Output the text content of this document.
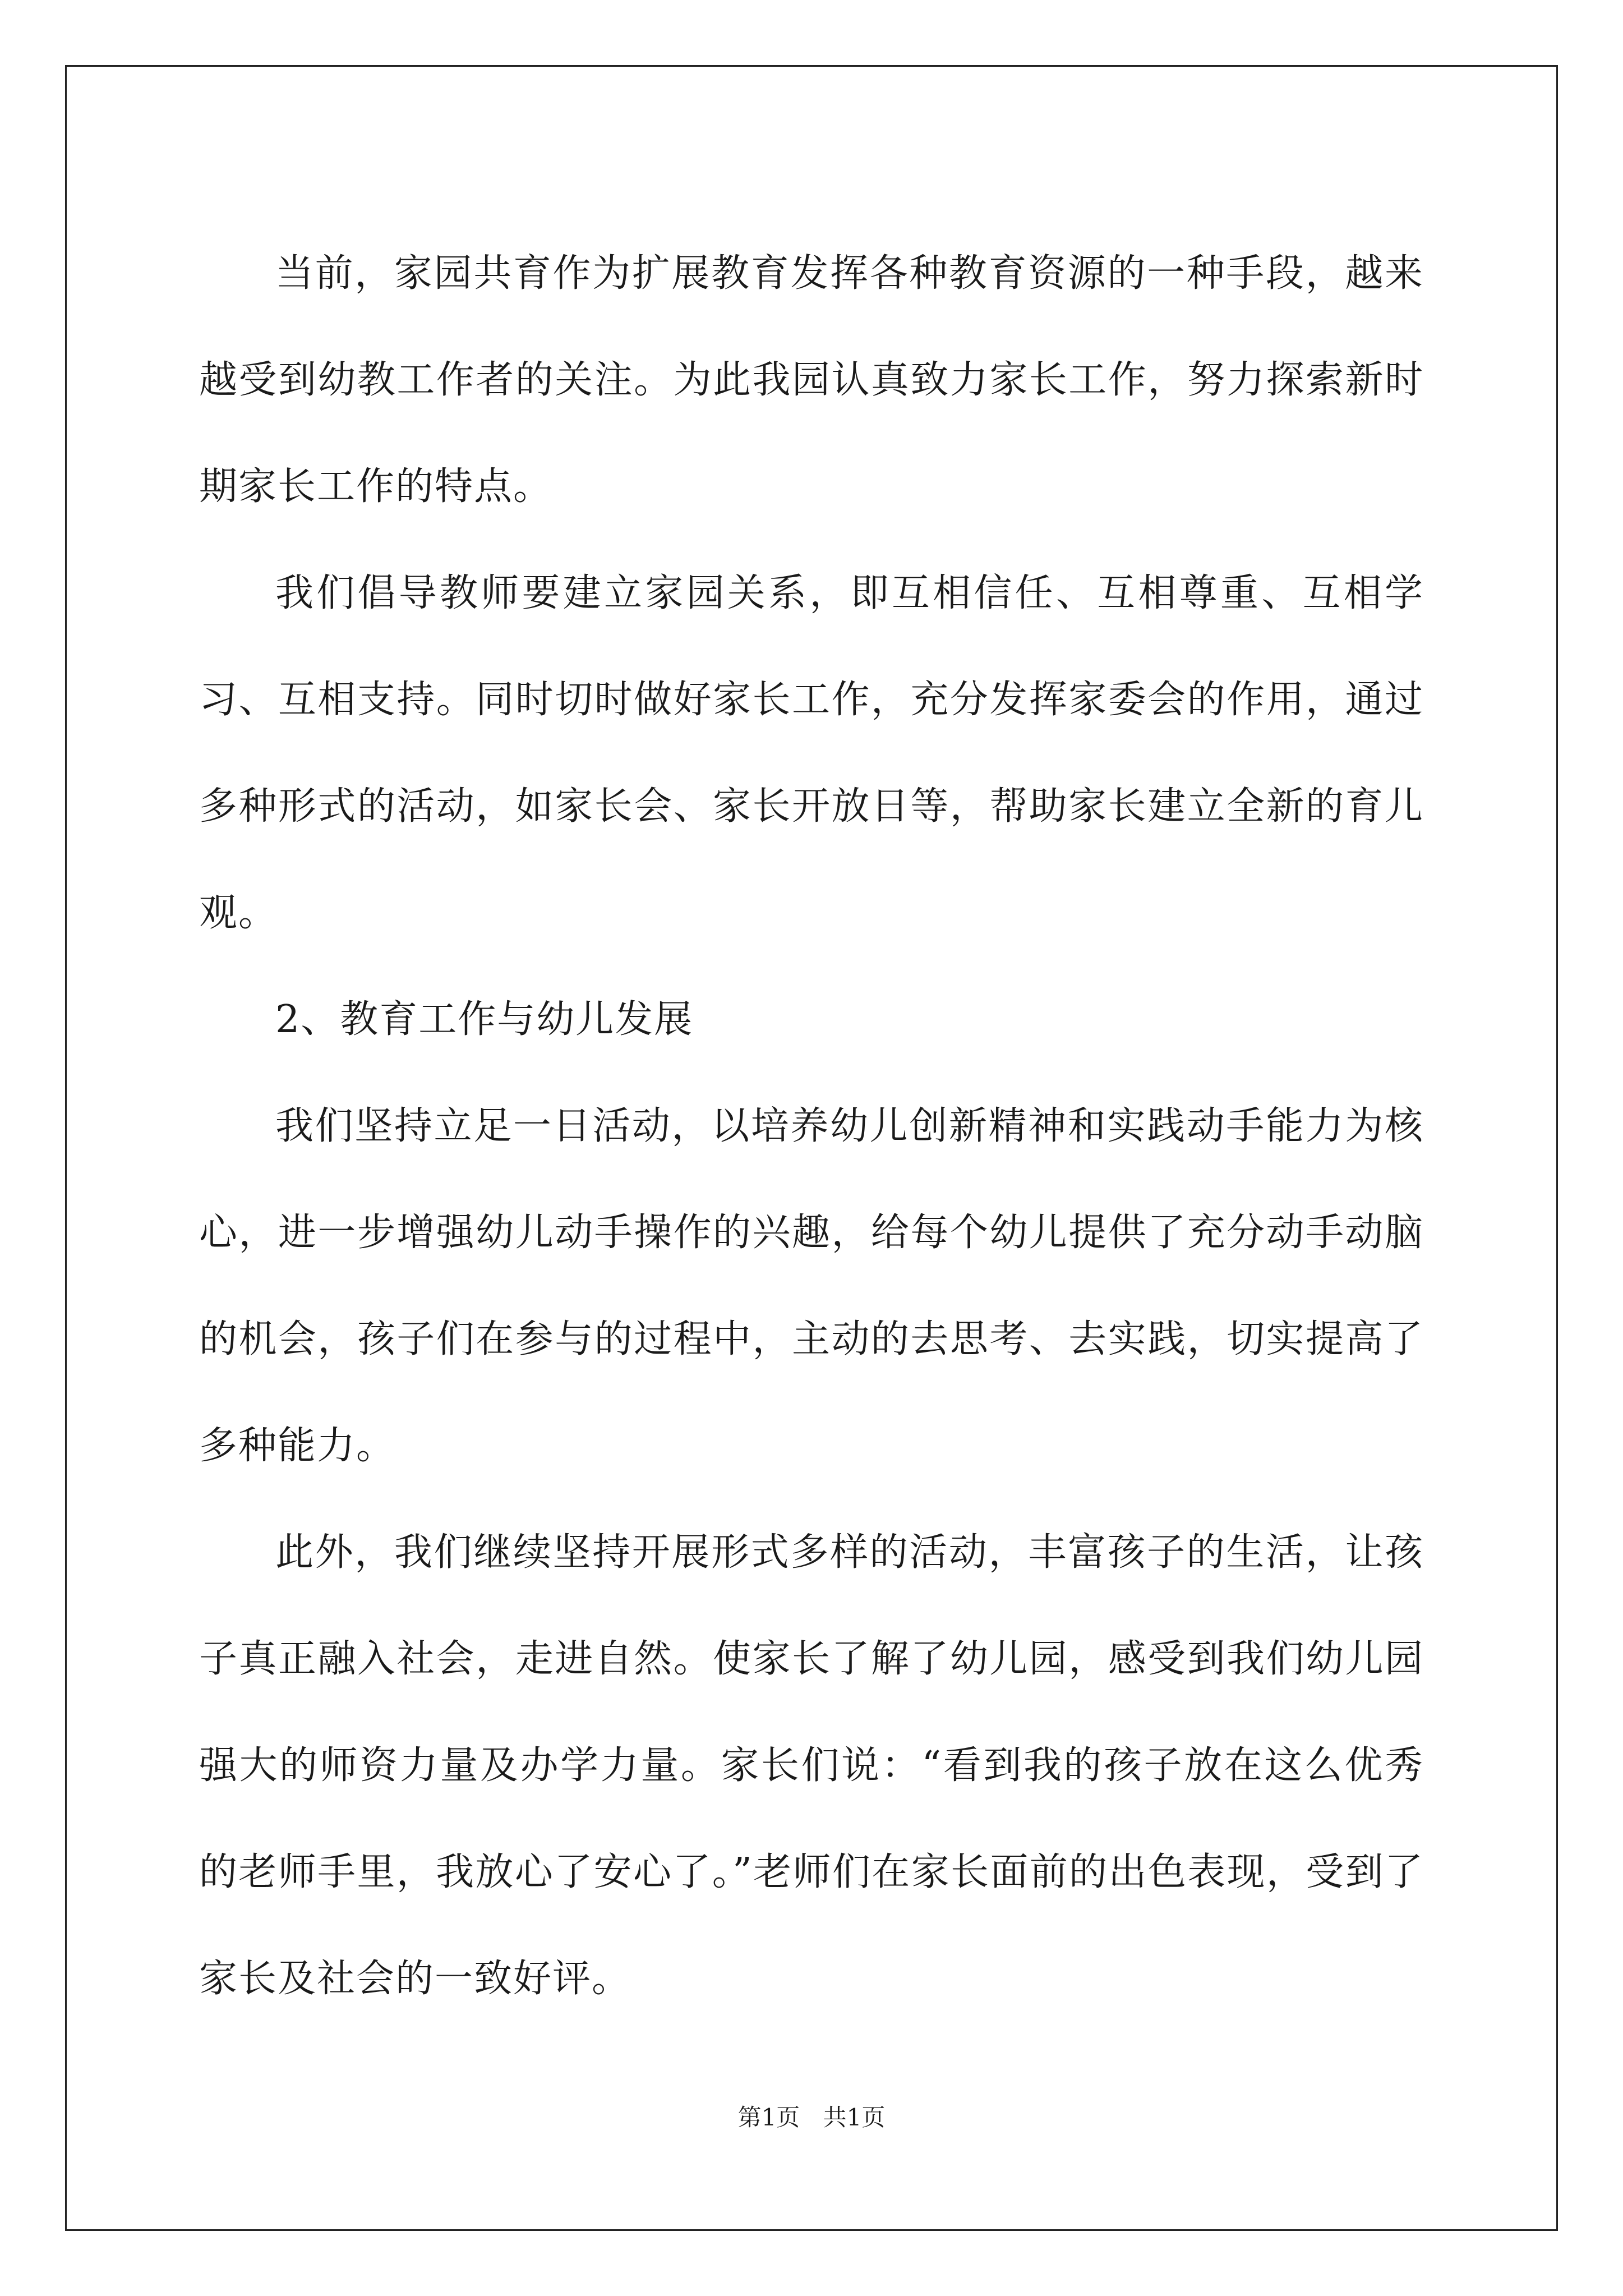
当前，家园共育作为扩展教育发挥各种教育资源的一种手段，越来越受到幼教工作者的关注。为此我园认真致力家长工作，努力探索新时期家长工作的特点。

我们倡导教师要建立家园关系，即互相信任、互相尊重、互相学习、互相支持。同时切时做好家长工作，充分发挥家委会的作用，通过多种形式的活动，如家长会、家长开放日等，帮助家长建立全新的育儿观。

2、教育工作与幼儿发展

我们坚持立足一日活动，以培养幼儿创新精神和实践动手能力为核心，进一步增强幼儿动手操作的兴趣，给每个幼儿提供了充分动手动脑的机会，孩子们在参与的过程中，主动的去思考、去实践，切实提高了多种能力。

此外，我们继续坚持开展形式多样的活动，丰富孩子的生活，让孩子真正融入社会，走进自然。使家长了解了幼儿园，感受到我们幼儿园强大的师资力量及办学力量。家长们说：“看到我的孩子放在这么优秀的老师手里，我放心了安心了。”老师们在家长面前的出色表现，受到了家长及社会的一致好评。

第1页 共1页
